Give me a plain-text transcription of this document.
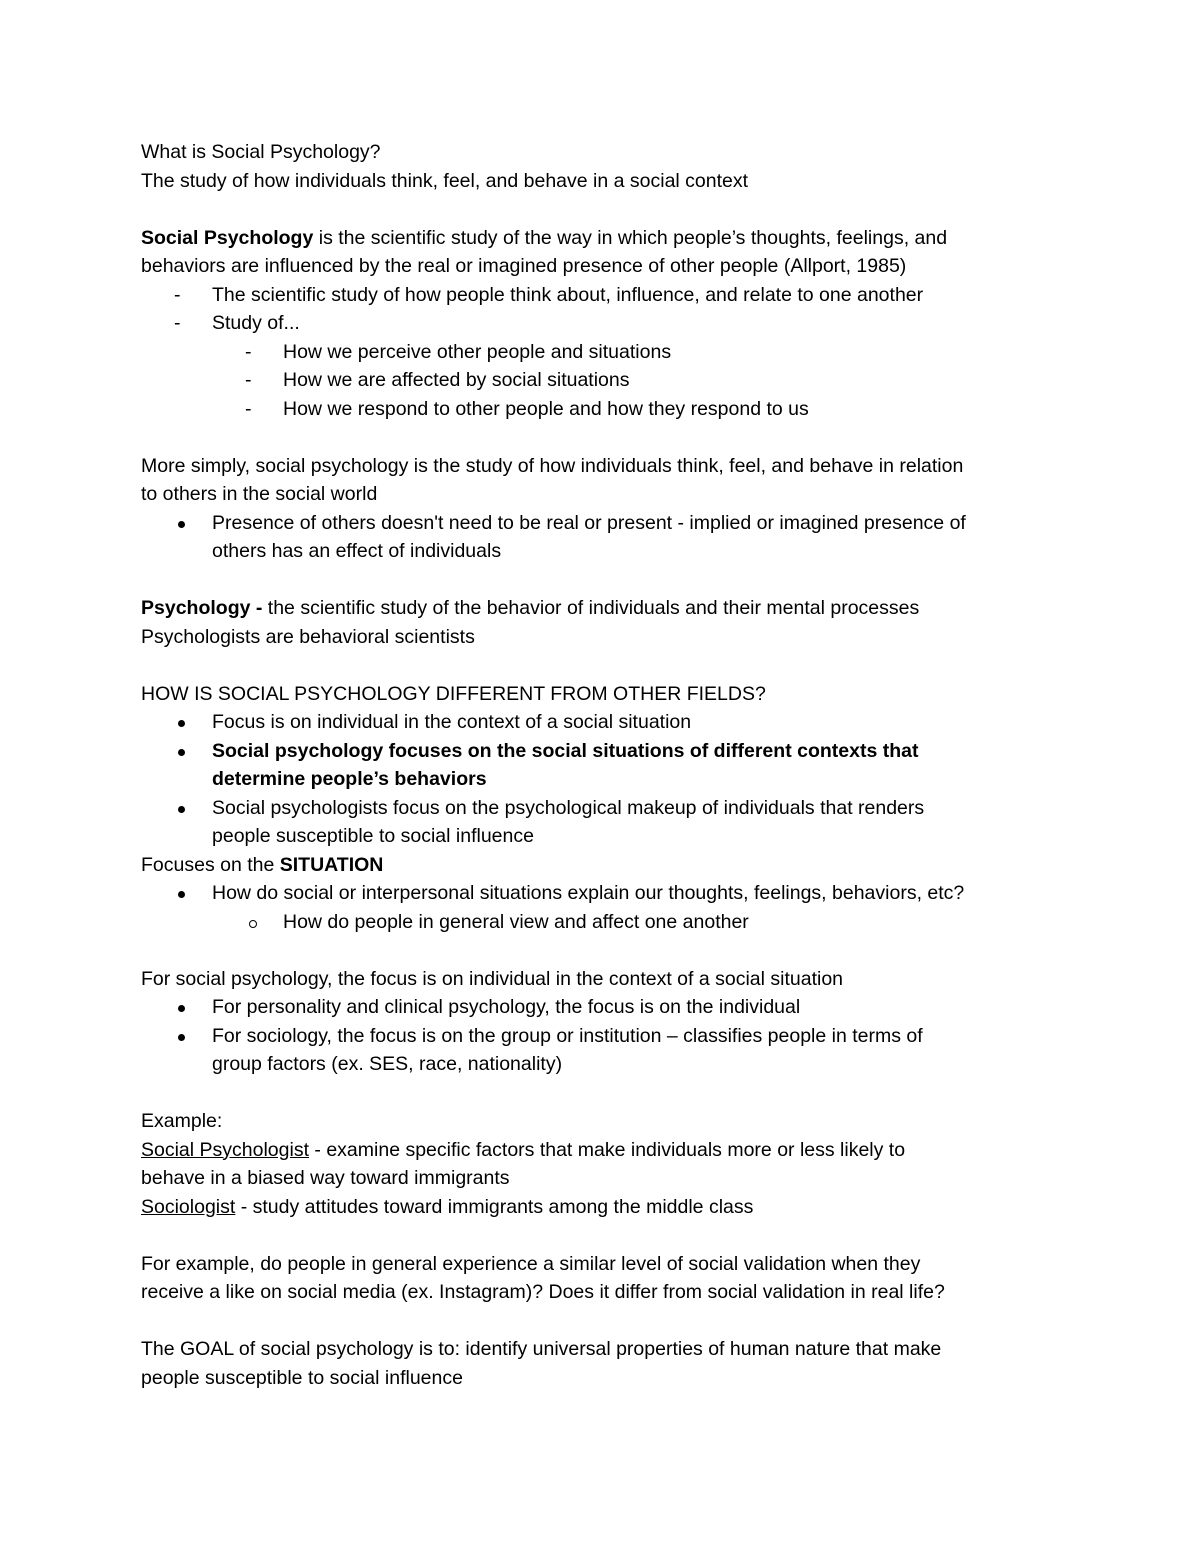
What is Social Psychology?

The study of how individuals think, feel, and behave in a social context

Social Psychology is the scientific study of the way in which people’s thoughts, feelings, and

behaviors are influenced by the real or imagined presence of other people (Allport, 1985)

-	The scientific study of how people think about, influence, and relate to one another
-	Study of...
-	How we perceive other people and situations
-	How we are affected by social situations
-	How we respond to other people and how they respond to us

More simply, social psychology is the study of how individuals think, feel, and behave in relation

to others in the social world

Presence of others doesn't need to be real or present - implied or imagined presence of
others has an effect of individuals

Psychology - the scientific study of the behavior of individuals and their mental processes

Psychologists are behavioral scientists

HOW IS SOCIAL PSYCHOLOGY DIFFERENT FROM OTHER FIELDS?

Focus is on individual in the context of a social situation
Social psychology focuses on the social situations of different contexts that
determine people’s behaviors
Social psychologists focus on the psychological makeup of individuals that renders
people susceptible to social influence

Focuses on the SITUATION

How do social or interpersonal situations explain our thoughts, feelings, behaviors, etc?
How do people in general view and affect one another

For social psychology, the focus is on individual in the context of a social situation

For personality and clinical psychology, the focus is on the individual
For sociology, the focus is on the group or institution – classifies people in terms of
group factors (ex. SES, race, nationality)

Example:

Social Psychologist - examine specific factors that make individuals more or less likely to

behave in a biased way toward immigrants

Sociologist - study attitudes toward immigrants among the middle class

For example, do people in general experience a similar level of social validation when they

receive a like on social media (ex. Instagram)? Does it differ from social validation in real life?

The GOAL of social psychology is to: identify universal properties of human nature that make

people susceptible to social influence
